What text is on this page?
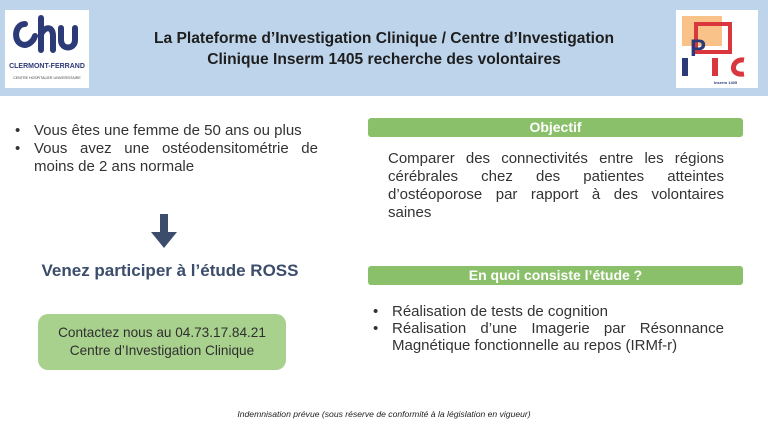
CLERMONT-FERRAND
CENTRE HOSPITALIER UNIVERSITAIRE
La Plateforme d’Investigation Clinique / Centre d’Investigation
Clinique Inserm 1405 recherche des volontaires	P
Inserm 1405
• Vous êtes une femme de 50 ans ou plus
• Vous avez une ostéodensitométrie de moins de 2 ans normale
Venez participer à l’étude ROSS
Contactez nous au 04.73.17.84.21
Centre d’Investigation Clinique
Objectif
Comparer des connectivités entre les régions cérébrales chez des patientes atteintes d’ostéoporose par rapport à des volontaires saines
En quoi consiste l’étude ?
• Réalisation de tests de cognition
• Réalisation d’une Imagerie par Résonnance Magnétique fonctionnelle au repos (IRMf-r)
Indemnisation prévue (sous réserve de conformité à la législation en vigueur)
